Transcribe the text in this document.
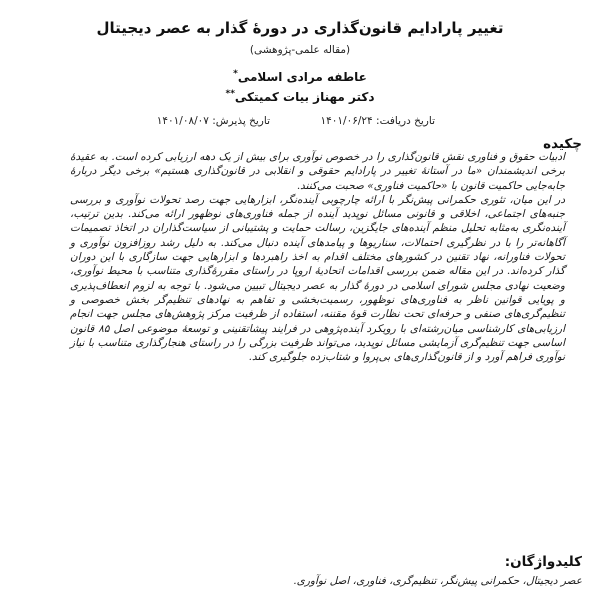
تغییر پارادایم قانون‌گذاری در دورهٔ گذار به عصر دیجیتال
(مقاله علمی-پژوهشی)
عاطفه مرادی اسلامی*
دکتر مهناز بیات کمیتکی**
تاریخ دریافت: ۱۴۰۱/۰۶/۲۴
تاریخ پذیرش: ۱۴۰۱/۰۸/۰۷
چکیده

ادبیات حقوق و فناوری نقش قانون‌گذاری را در خصوص نوآوری برای بیش از یک دهه ارزیابی کرده است. به عقیدهٔ برخی اندیشمندان «ما در آستانهٔ تغییر در پارادایم حقوقی و انقلابی در قانون‌گذاری هستیم» برخی دیگر دربارهٔ جابه‌جایی حاکمیت قانون با «حاکمیت فناوری» صحبت می‌کنند.

در این میان، تئوری حکمرانی پیش‌نگر با ارائه چارچوبی آینده‌نگر، ابزارهایی جهت رصد تحولات نوآوری و بررسی جنبه‌های اجتماعی، اخلاقی و قانونی مسائل نوپدید آینده از جمله فناوری‌های نوظهور ارائه می‌کند. بدین ترتیب، آینده‌نگری به‌مثابه تحلیل منظم آینده‌های جایگزین، رسالت حمایت و پشتیبانی از سیاست‌گذاران در اتخاذ تصمیمات آگاهانه‌تر را با در نظرگیری احتمالات، سناریوها و پیامدهای آینده دنبال می‌کند. به دلیل رشد روزافزون نوآوری و تحولات فناورانه، نهاد تقنین در کشورهای مختلف اقدام به اخذ راهبردها و ابزارهایی جهت سازگاری با این دوران گذار کرده‌اند. در این مقاله ضمن بررسی اقدامات اتحادیهٔ اروپا در راستای مقررهٔ‌گذاری متناسب با محیط نوآوری، وضعیت نهادی مجلس شورای اسلامی در دورهٔ گذار به عصر دیجیتال تبیین می‌شود. با توجه به لزوم انعطاف‌پذیری و پویایی قوانین ناظر به فناوری‌های نوظهور، رسمیت‌بخشی و تفاهم به نهادهای تنظیم‌گر بخش خصوصی و تنظیم‌گری‌های صنفی و حرفه‌ای تحت نظارت قوهٔ مقننه، استفاده از ظرفیت مرکز پژوهش‌های مجلس جهت انجام ارزیابی‌های کارشناسی میان‌رشته‌ای با رویکرد آینده‌پژوهی در فرایند پیشاتقنینی و توسعهٔ موضوعی اصل ۸۵ قانون اساسی جهت تنظیم‌گری آزمایشی مسائل نوپدید، می‌تواند ظرفیت بزرگی را در راستای هنجارگذاری متناسب با نیاز نوآوری فراهم آورد و از قانون‌گذاری‌های بی‌پروا و شتاب‌زده جلوگیری کند.

کلیدواژگان:
عصر دیجیتال، حکمرانی پیش‌نگر، تنظیم‌گری، فناوری، اصل نوآوری.
